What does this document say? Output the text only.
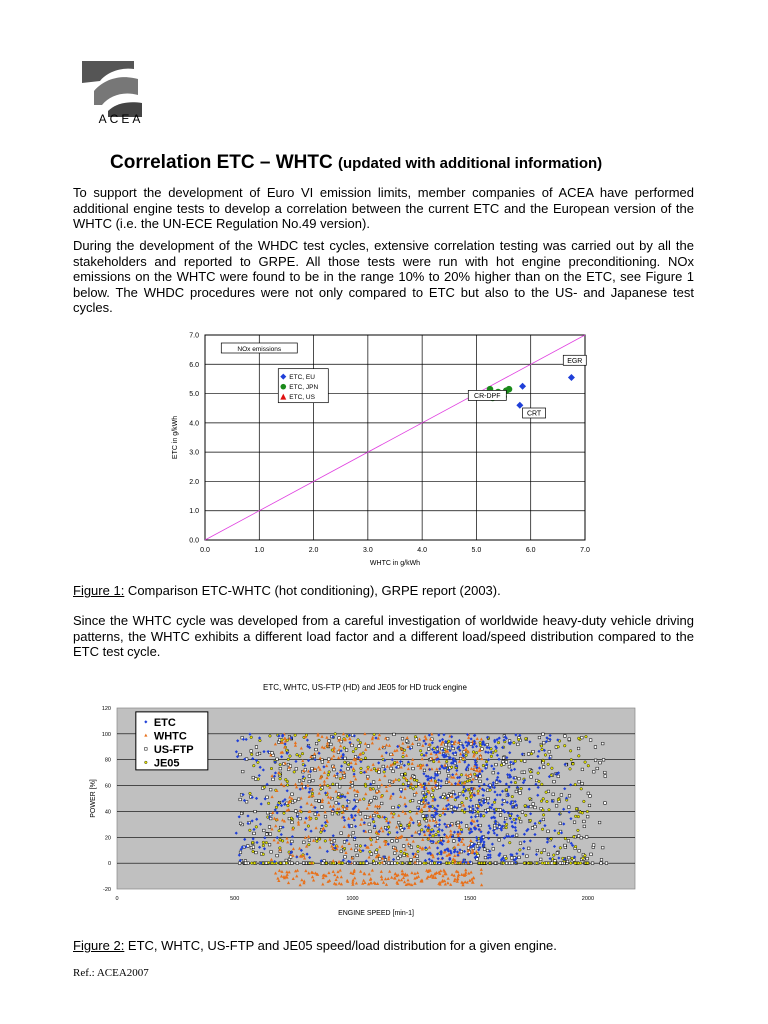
ACEA
Correlation ETC – WHTC (updated with additional information)
To support the development of Euro VI emission limits, member companies of ACEA have performed additional engine tests to develop a correlation between the current ETC and the European version of the WHTC (i.e. the UN-ECE Regulation No.49 version).
During the development of the WHDC test cycles, extensive correlation testing was carried out by all the stakeholders and reported to GRPE. All those tests were run with hot engine preconditioning. NOx emissions on the WHTC were found to be in the range 10% to 20% higher than on the ETC, see Figure 1 below. The WHDC procedures were not only compared to ETC but also to the US- and Japanese test cycles.
0.0	1.0	2.0	3.0	4.0	5.0	6.0	7.0
0.0
1.0
2.0
3.0
4.0
5.0
6.0
7.0
WHTC in g/kWh
ETC in g/kWh
NOx emissions
ETC, EU
ETC, JPN
ETC, US
EGR
CR-DPF
CRT
Figure 1: Comparison ETC-WHTC (hot conditioning), GRPE report (2003).
Since the WHTC cycle was developed from a careful investigation of worldwide heavy-duty vehicle driving patterns, the WHTC exhibits a different load factor and a different load/speed distribution compared to the ETC test cycle.
ETC, WHTC, US-FTP (HD) and JE05 for HD truck engine
-20
0
20
40
60
80
100
120
0	500	1000	1500	2000
ENGINE SPEED [min-1]
POWER [%]
ETC
WHTC
US-FTP
JE05
Figure 2: ETC, WHTC, US-FTP and JE05 speed/load distribution for a given engine.
Ref.: ACEA2007
